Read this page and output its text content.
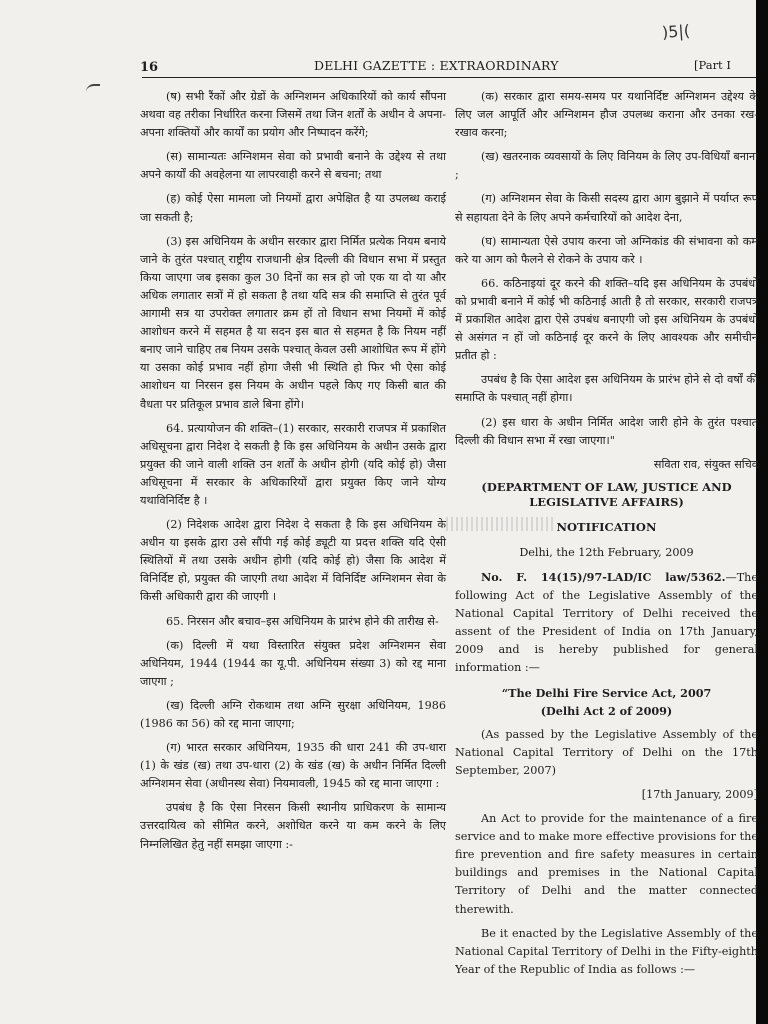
)5|(
16	DELHI GAZETTE : EXTRAORDINARY	[Part I

(ष) सभी रैंकों और ग्रेडों के अग्निशमन अधिकारियों को कार्य सौंपना अथवा वह तरीका निर्धारित करना जिसमें तथा जिन शर्तों के अधीन वे अपना-अपना शक्तियों और कार्यों का प्रयोग और निष्पादन करेंगे;

(स) सामान्यतः अग्निशमन सेवा को प्रभावी बनाने के उद्देश्य से तथा अपने कार्यों की अवहेलना या लापरवाही करने से बचना; तथा

(ह) कोई ऐसा मामला जो नियमों द्वारा अपेक्षित है या उपलब्ध कराई जा सकती है;

(3) इस अधिनियम के अधीन सरकार द्वारा निर्मित प्रत्येक नियम बनाये जाने के तुरंत पश्चात् राष्ट्रीय राजधानी क्षेत्र दिल्ली की विधान सभा में प्रस्तुत किया जाएगा जब इसका कुल 30 दिनों का सत्र हो जो एक या दो या और अधिक लगातार सत्रों में हो सकता है तथा यदि सत्र की समाप्ति से तुरंत पूर्व आगामी सत्र या उपरोक्त लगातार क्रम हों तो विधान सभा नियमों में कोई आशोधन करने में सहमत है या सदन इस बात से सहमत है कि नियम नहीं बनाए जाने चाहिए तब नियम उसके पश्चात् केवल उसी आशोधित रूप में होंगे या उसका कोई प्रभाव नहीं होगा जैसी भी स्थिति हो फिर भी ऐसा कोई आशोधन या निरसन इस नियम के अधीन पहले किए गए किसी बात की वैधता पर प्रतिकूल प्रभाव डाले बिना होंगे।

64. प्रत्यायोजन की शक्ति–(1) सरकार, सरकारी राजपत्र में प्रकाशित अधिसूचना द्वारा निदेश दे सकती है कि इस अधिनियम के अधीन उसके द्वारा प्रयुक्त की जाने वाली शक्ति उन शर्तों के अधीन होगी (यदि कोई हो) जैसा अधिसूचना में सरकार के अधिकारियों द्वारा प्रयुक्त किए जाने योग्य यथाविनिर्दिष्ट है ।

(2) निदेशक आदेश द्वारा निदेश दे सकता है कि इस अधिनियम के अधीन या इसके द्वारा उसे सौंपी गई कोई ड्यूटी या प्रदत्त शक्ति यदि ऐसी स्थितियों में तथा उसके अधीन होगी (यदि कोई हो) जैसा कि आदेश में विनिर्दिष्ट हो, प्रयुक्त की जाएगी तथा आदेश में विनिर्दिष्ट अग्निशमन सेवा के किसी अधिकारी द्वारा की जाएगी ।

65. निरसन और बचाव–इस अधिनियम के प्रारंभ होने की तारीख से-

(क) दिल्ली में यथा विस्तारित संयुक्त प्रदेश अग्निशमन सेवा अधिनियम, 1944 (1944 का यू.पी. अधिनियम संख्या 3) को रद्द माना जाएगा ;

(ख) दिल्ली अग्नि रोकथाम तथा अग्नि सुरक्षा अधिनियम, 1986 (1986 का 56) को रद्द माना जाएगा;

(ग) भारत सरकार अधिनियम, 1935 की धारा 241 की उप-धारा (1) के खंड (ख) तथा उप-धारा (2) के खंड (ख) के अधीन निर्मित दिल्ली अग्निशमन सेवा (अधीनस्थ सेवा) नियमावली, 1945 को रद्द माना जाएगा :

उपबंध है कि ऐसा निरसन किसी स्थानीय प्राधिकरण के सामान्य उत्तरदायित्व को सीमित करने, अशोधित करने या कम करने के लिए निम्नलिखित हेतु नहीं समझा जाएगा :-

(क) सरकार द्वारा समय-समय पर यथानिर्दिष्ट अग्निशमन उद्देश्य के लिए जल आपूर्ति और अग्निशमन हौज उपलब्ध कराना और उनका रख-रखाव करना;

(ख) खतरनाक व्यवसायों के लिए विनियम के लिए उप-विधियाँ बनाना ;

(ग) अग्निशमन सेवा के किसी सदस्य द्वारा आग बुझाने में पर्याप्त रूप से सहायता देने के लिए अपने कर्मचारियों को आदेश देना,

(घ) सामान्यता ऐसे उपाय करना जो अग्निकांड की संभावना को कम करे या आग को फैलने से रोकने के उपाय करे ।

66. कठिनाइयां दूर करने की शक्ति–यदि इस अधिनियम के उपबंधों को प्रभावी बनाने में कोई भी कठिनाई आती है तो सरकार, सरकारी राजपत्र में प्रकाशित आदेश द्वारा ऐसे उपबंध बनाएगी जो इस अधिनियम के उपबंधों से असंगत न हों जो कठिनाई दूर करने के लिए आवश्यक और समीचीन प्रतीत हो :

उपबंध है कि ऐसा आदेश इस अधिनियम के प्रारंभ होने से दो वर्षों की समाप्ति के पश्चात् नहीं होगा।

(2) इस धारा के अधीन निर्मित आदेश जारी होने के तुरंत पश्चात् दिल्ली की विधान सभा में रखा जाएगा।"

सविता राव, संयुक्त सचिव
(DEPARTMENT OF LAW, JUSTICE AND LEGISLATIVE AFFAIRS)
NOTIFICATION

Delhi, the 12th February, 2009

No. F. 14(15)/97-LAD/IC law/5362.—The following Act of the Legislative Assembly of the National Capital Territory of Delhi received the assent of the President of India on 17th January, 2009 and is hereby published for general information :—

“The Delhi Fire Service Act, 2007

(Delhi Act 2 of 2009)

(As passed by the Legislative Assembly of the National Capital Territory of Delhi on the 17th September, 2007)

[17th January, 2009]

An Act to provide for the maintenance of a fire service and to make more effective provisions for the fire prevention and fire safety measures in certain buildings and premises in the National Capital Territory of Delhi and the matter connected therewith.

Be it enacted by the Legislative Assembly of the National Capital Territory of Delhi in the Fifty-eighth Year of the Republic of India as follows :—
